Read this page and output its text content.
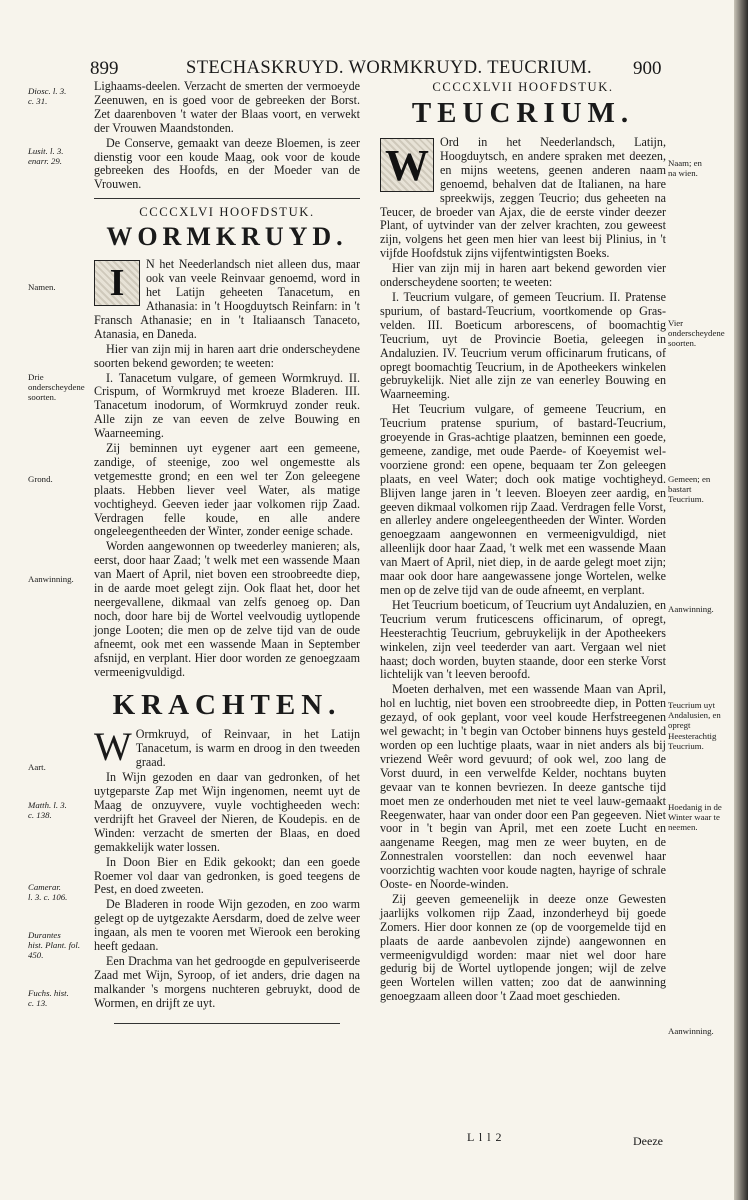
899	STECHASKRUYD. WORMKRUYD. TEUCRIUM. 900

Lighaams-deelen. Verzacht de smerten der vermoeyde Zeenuwen, en is goed voor de gebreeken der Borst. Zet daarenboven 't water der Blaas voort, en verwekt der Vrouwen Maandstonden.

De Conserve, gemaakt van deeze Bloemen, is zeer dienstig voor een koude Maag, ook voor de koude gebreeken des Hoofds, en der Moeder van de Vrouwen.

CCCCXLVI HOOFDSTUK.

WORMKRUYD.
I	N het Neederlandsch niet alleen dus, maar ook van veele Reinvaar genoemd, word in het Latijn geheeten Tanacetum, en Athanasia: in 't Hoogduytsch Reinfarn: in 't Fransch Athanasie; en in 't Italiaansch Tanaceto, Atanasia, en Daneda.

Hier van zijn mij in haren aart drie onderscheydene soorten bekend geworden; te weeten:

I. Tanacetum vulgare, of gemeen Wormkruyd. II. Crispum, of Wormkruyd met kroeze Bladeren. III. Tanacetum inodorum, of Wormkruyd zonder reuk. Alle zijn ze van eeven de zelve Bouwing en Waarneeming.

Zij beminnen uyt eygener aart een gemeene, zandige, of steenige, zoo wel ongemestte als vetgemestte grond; en een wel ter Zon geleegene plaats. Hebben liever veel Water, als matige vochtigheyd. Geeven ieder jaar volkomen rijp Zaad. Verdragen felle koude, en alle andere ongeleegentheeden der Winter, zonder eenige schade.

Worden aangewonnen op tweederley manieren; als, eerst, door haar Zaad; 't welk met een wassende Maan van Maert of April, niet boven een stroobreedte diep, in de aarde moet gelegt zijn. Ook flaat het, door het neergevallene, dikmaal van zelfs genoeg op. Dan noch, door hare bij de Wortel veelvoudig uytlopende jonge Looten; die men op de zelve tijd van de oude afneemt, ook met een wassende Maan in September afsnijd, en verplant. Hier door worden ze genoegzaam vermeenigvuldigd.

KRACHTEN.
W Ormkruyd, of Reinvaar, in het Latijn Tanacetum, is warm en droog in den tweeden graad.

In Wijn gezoden en daar van gedronken, of het uytgeparste Zap met Wijn ingenomen, neemt uyt de Maag de onzuyvere, vuyle vochtigheeden wech: verdrijft het Graveel der Nieren, de Koudepis. en de Winden: verzacht de smerten der Blaas, en doed gemakkelijk water lossen.

In Doon Bier en Edik gekookt; dan een goede Roemer vol daar van gedronken, is goed teegens de Pest, en doed zweeten.

De Bladeren in roode Wijn gezoden, en zoo warm gelegt op de uytgezakte Aersdarm, doed de zelve weer ingaan, als men te vooren met Wierook een beroking heeft gedaan.

Een Drachma van het gedroogde en gepulveriseerde Zaad met Wijn, Syroop, of iet anders, drie dagen na malkander 's morgens nuchteren gebruykt, dood de Wormen, en drijft ze uyt.

CCCCXLVII HOOFDSTUK.

TEUCRIUM.
W Ord in het Neederlandsch, Latijn, Hoogduytsch, en andere spraken met deezen, en mijns weetens, geenen anderen naam genoemd, behalven dat de Italianen, na hare spreekwijs, zeggen Teucrio; dus geheeten na Teucer, de broeder van Ajax, die de eerste vinder deezer Plant, of uytvinder van der zelver krachten, zou geweest zijn, volgens het geen men hier van leest bij Plinius, in 't vijfde Hoofdstuk zijns vijfentwintigsten Boeks.

Hier van zijn mij in haren aart bekend geworden vier onderscheydene soorten; te weeten:

I. Teucrium vulgare, of gemeen Teucrium. II. Pratense spurium, of bastard-Teucrium, voortkomende op Gras-velden. III. Boeticum arborescens, of boomachtig Teucrium, uyt de Provincie Boetia, geleegen in Andaluzien. IV. Teucrium verum officinarum fruticans, of opregt boomachtig Teucrium, in de Apotheekers winkelen gebruykelijk. Niet alle zijn ze van eenerley Bouwing en Waarneeming.

Het Teucrium vulgare, of gemeene Teucrium, en Teucrium pratense spurium, of bastard-Teucrium, groeyende in Gras-achtige plaatzen, beminnen een goede, gemeene, zandige, met oude Paerde- of Koeyemist wel-voorziene grond: een opene, bequaam ter Zon geleegen plaats, en veel Water; doch ook matige vochtigheyd. Blijven lange jaren in 't leeven. Bloeyen zeer aardig, en geeven dikmaal volkomen rijp Zaad. Verdragen felle Vorst, en allerley andere ongeleegentheeden der Winter. Worden genoegzaam aangewonnen en vermeenigvuldigd, niet alleenlijk door haar Zaad, 't welk met een wassende Maan van Maert of April, niet diep, in de aarde gelegt moet zijn; maar ook door hare aangewassene jonge Wortelen, welke men op de zelve tijd van de oude afneemt, en verplant.

Het Teucrium boeticum, of Teucrium uyt Andaluzien, en Teucrium verum fruticescens officinarum, of opregt, Heesterachtig Teucrium, gebruykelijk in der Apotheekers winkelen, zijn veel teederder van aart. Vergaan wel niet haast; doch worden, buyten staande, door een sterke Vorst lichtelijk van 't leeven beroofd.

Moeten derhalven, met een wassende Maan van April, hol en luchtig, niet boven een stroobreedte diep, in Potten gezayd, of ook geplant, voor veel koude Herfstreegenen wel gewacht; in 't begin van October binnens huys gesteld worden op een luchtige plaats, waar in niet anders als bij vriezend Weêr word gevuurd; of ook wel, zoo lang de Vorst duurd, in een verwelfde Kelder, nochtans buyten gevaar van te konnen bevriezen. In deeze gantsche tijd moet men ze onderhouden met niet te veel lauw-gemaakt Reegenwater, haar van onder door een Pan gegeeven. Niet voor in 't begin van April, met een zoete Lucht en aangename Reegen, mag men ze weer buyten, en de Zonnestralen voorstellen: dan noch eevenwel haar voorzichtig wachten voor koude nagten, hayrige of schrale Ooste- en Noorde-winden.

Zij geeven gemeenelijk in deeze onze Gewesten jaarlijks volkomen rijp Zaad, inzonderheyd bij goede Zomers. Hier door konnen ze (op de voorgemelde tijd en plaats de aarde aanbevolen zijnde) aangewonnen en vermeenigvuldigd worden: maar niet wel door hare gedurig bij de Wortel uytlopende jongen; wijl de zelve geen Wortelen willen vatten; zoo dat de aanwinning genoegzaam alleen door 't Zaad moet geschieden.

L l l 2	Deeze
Diosc. l. 3.
c. 31.
Lusit. l. 3.
enarr. 29.
Namen.
Drie onderscheydene soorten.
Grond.
Aanwinning.
Aart.
Matth. l. 3.
c. 138.
Camerar.
l. 3. c. 106.
Durantes
hist. Plant. fol. 450.
Fuchs. hist.
c. 13.
Naam; en
na wien.
Vier onderscheydene soorten.
Gemeen; en bastart
Teucrium.
Aanwinning.
Teucrium uyt Andalusien, en opregt Heesterachtig
Teucrium.
Hoedanig in de Winter waar te
neemen.
Aanwinning.
